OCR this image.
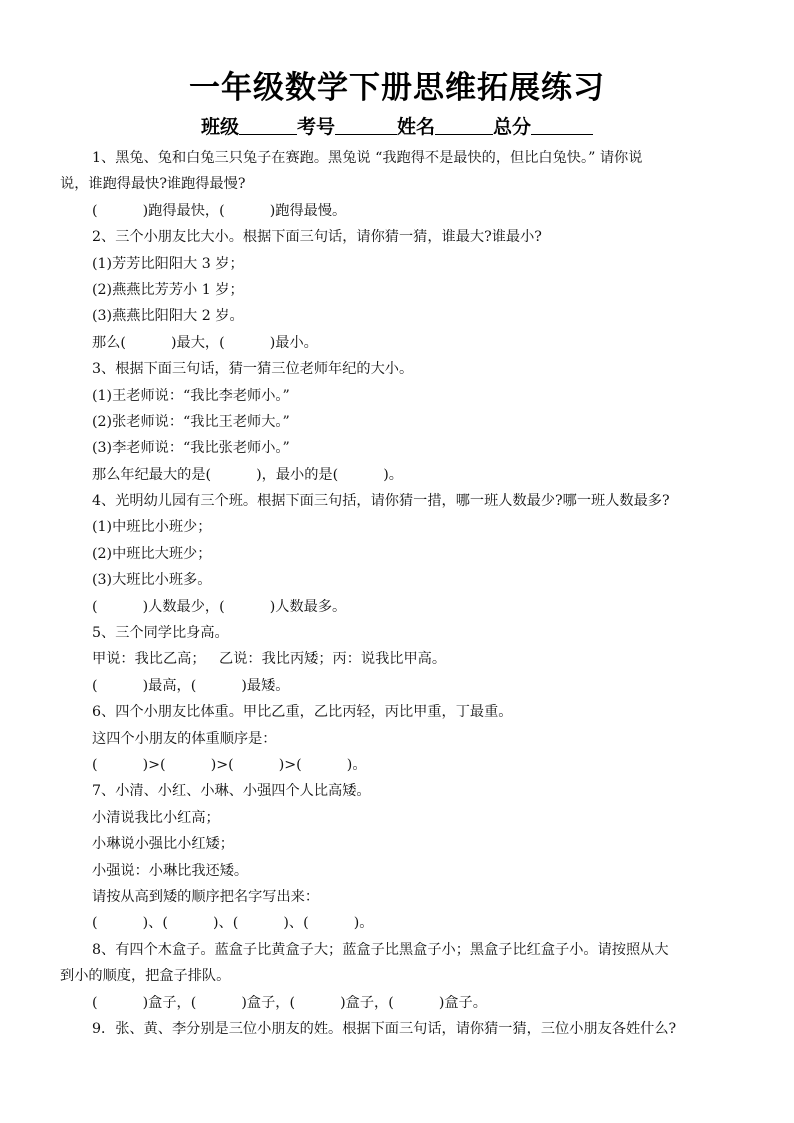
一年级数学下册思维拓展练习
班级	考号	姓名	总分
1、黑兔、兔和白兔三只兔子在赛跑。黑兔说 “我跑得不是最快的，但比白兔快。” 请你说
说，谁跑得最快?谁跑得最慢?
(          )跑得最快，(          )跑得最慢。
2、三个小朋友比大小。根据下面三句话，请你猜一猜，谁最大?谁最小?
(1)芳芳比阳阳大 3 岁；
(2)燕燕比芳芳小 1 岁；
(3)燕燕比阳阳大 2 岁。
那么(          )最大，(          )最小。
3、根据下面三句话，猜一猜三位老师年纪的大小。
(1)王老师说：“我比李老师小。”
(2)张老师说：“我比王老师大。”
(3)李老师说：“我比张老师小。”
那么年纪最大的是(          )，最小的是(          )。
4、光明幼儿园有三个班。根据下面三句括，请你猜一措，哪一班人数最少?哪一班人数最多?
(1)中班比小班少；
(2)中班比大班少；
(3)大班比小班多。
(          )人数最少，(          )人数最多。
5、三个同学比身高。
甲说：我比乙高；   乙说：我比丙矮；丙：说我比甲高。
(          )最高，(          )最矮。
6、四个小朋友比体重。甲比乙重，乙比丙轻，丙比甲重，丁最重。
这四个小朋友的体重顺序是：
(          )>(          )>(          )>(          )。
7、小清、小红、小琳、小强四个人比高矮。
小清说我比小红高；
小琳说小强比小红矮；
小强说：小琳比我还矮。
请按从高到矮的顺序把名字写出来：
(          )、(          )、(          )、(          )。
8、有四个木盒子。蓝盒子比黄盒子大；蓝盒子比黑盒子小；黑盒子比红盒子小。请按照从大
到小的顺度，把盒子排队。
(          )盒子，(          )盒子，(          )盒子，(          )盒子。
9．张、黄、李分别是三位小朋友的姓。根据下面三句话，请你猜一猜，三位小朋友各姓什么?
